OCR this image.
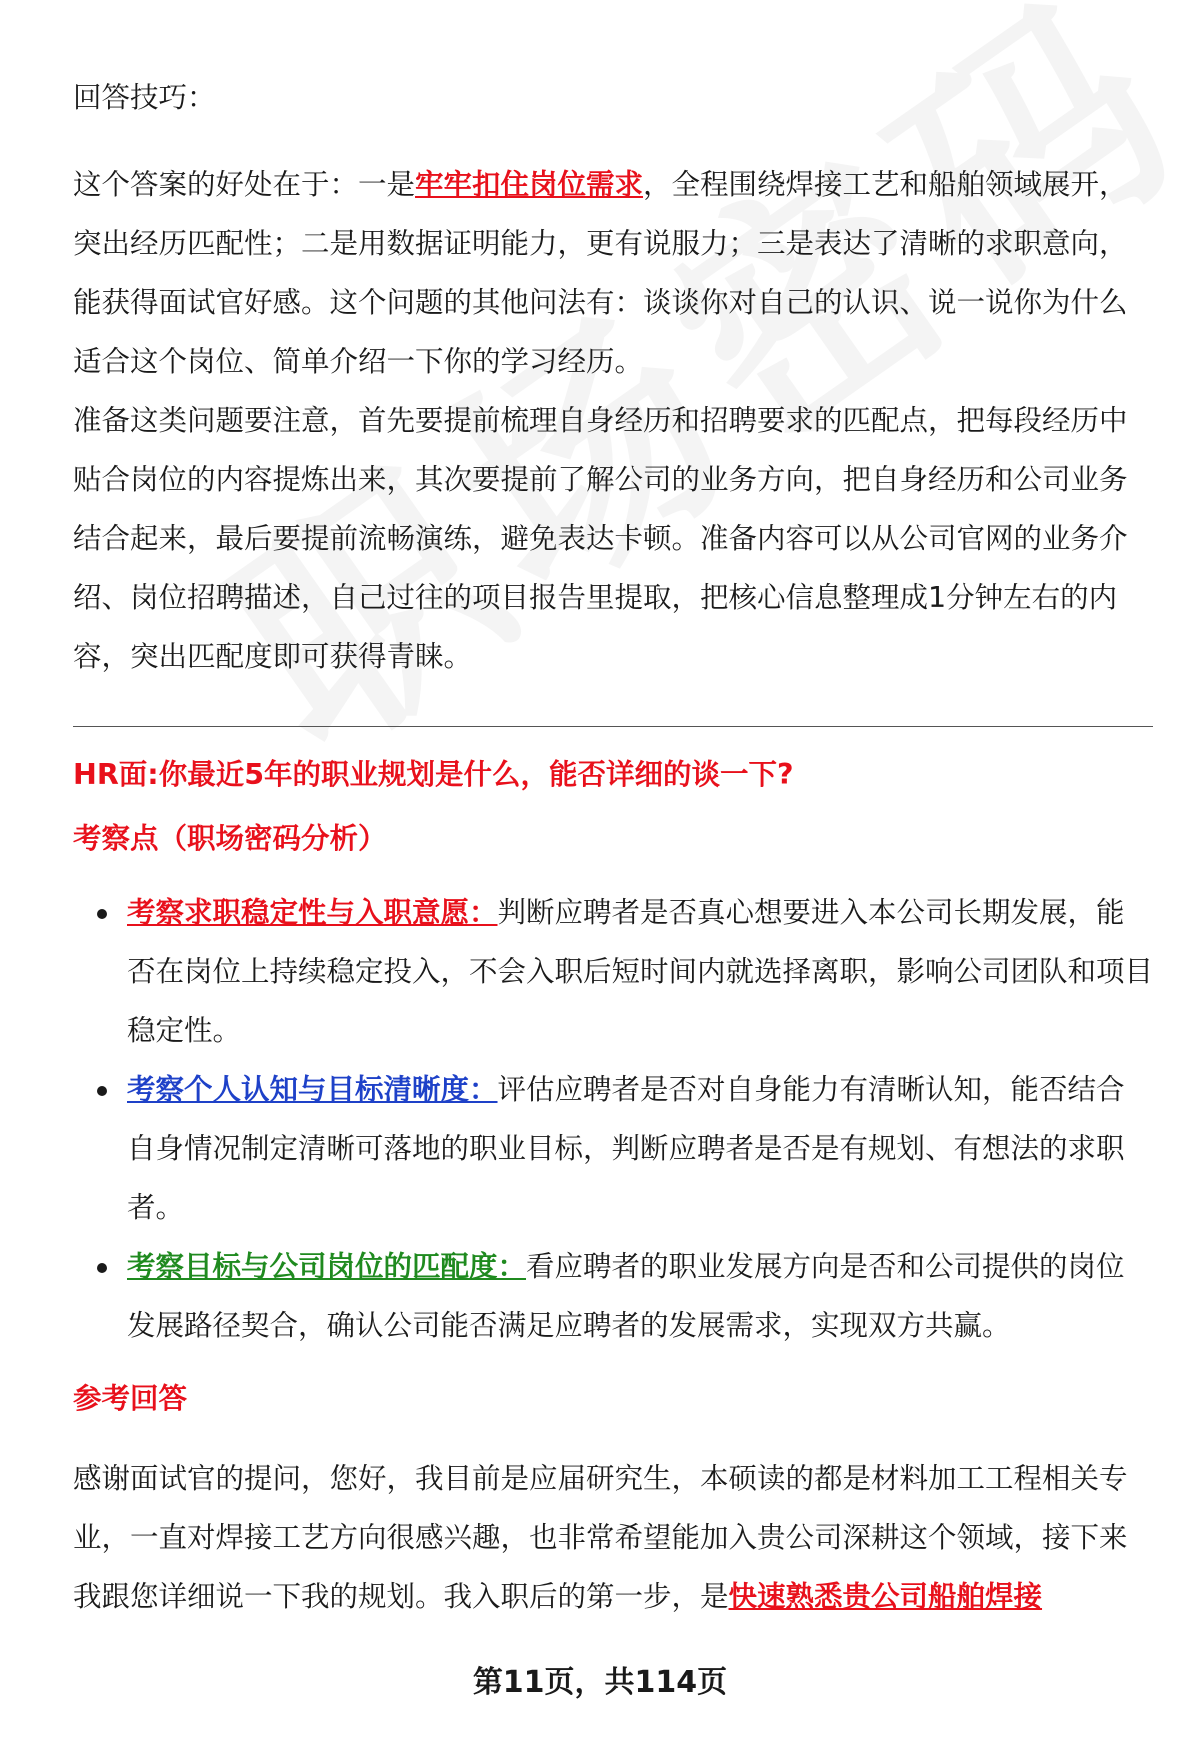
回答技巧：

这个答案的好处在于：一是牢牢扣住岗位需求，全程围绕焊接工艺和船舶领域展开，突出经历匹配性；二是用数据证明能力，更有说服力；三是表达了清晰的求职意向，能获得面试官好感。这个问题的其他问法有：谈谈你对自己的认识、说一说你为什么适合这个岗位、简单介绍一下你的学习经历。

准备这类问题要注意，首先要提前梳理自身经历和招聘要求的匹配点，把每段经历中贴合岗位的内容提炼出来，其次要提前了解公司的业务方向，把自身经历和公司业务结合起来，最后要提前流畅演练，避免表达卡顿。准备内容可以从公司官网的业务介绍、岗位招聘描述，自己过往的项目报告里提取，把核心信息整理成1分钟左右的内容，突出匹配度即可获得青睐。

HR面:你最近5年的职业规划是什么，能否详细的谈一下?

考察点（职场密码分析）

考察求职稳定性与入职意愿：判断应聘者是否真心想要进入本公司长期发展，能否在岗位上持续稳定投入，不会入职后短时间内就选择离职，影响公司团队和项目稳定性。
考察个人认知与目标清晰度：评估应聘者是否对自身能力有清晰认知，能否结合自身情况制定清晰可落地的职业目标，判断应聘者是否是有规划、有想法的求职者。
考察目标与公司岗位的匹配度：看应聘者的职业发展方向是否和公司提供的岗位发展路径契合，确认公司能否满足应聘者的发展需求，实现双方共赢。

参考回答

感谢面试官的提问，您好，我目前是应届研究生，本硕读的都是材料加工工程相关专业，一直对焊接工艺方向很感兴趣，也非常希望能加入贵公司深耕这个领域，接下来我跟您详细说一下我的规划。我入职后的第一步，是快速熟悉贵公司船舶焊接

第11页，共114页
